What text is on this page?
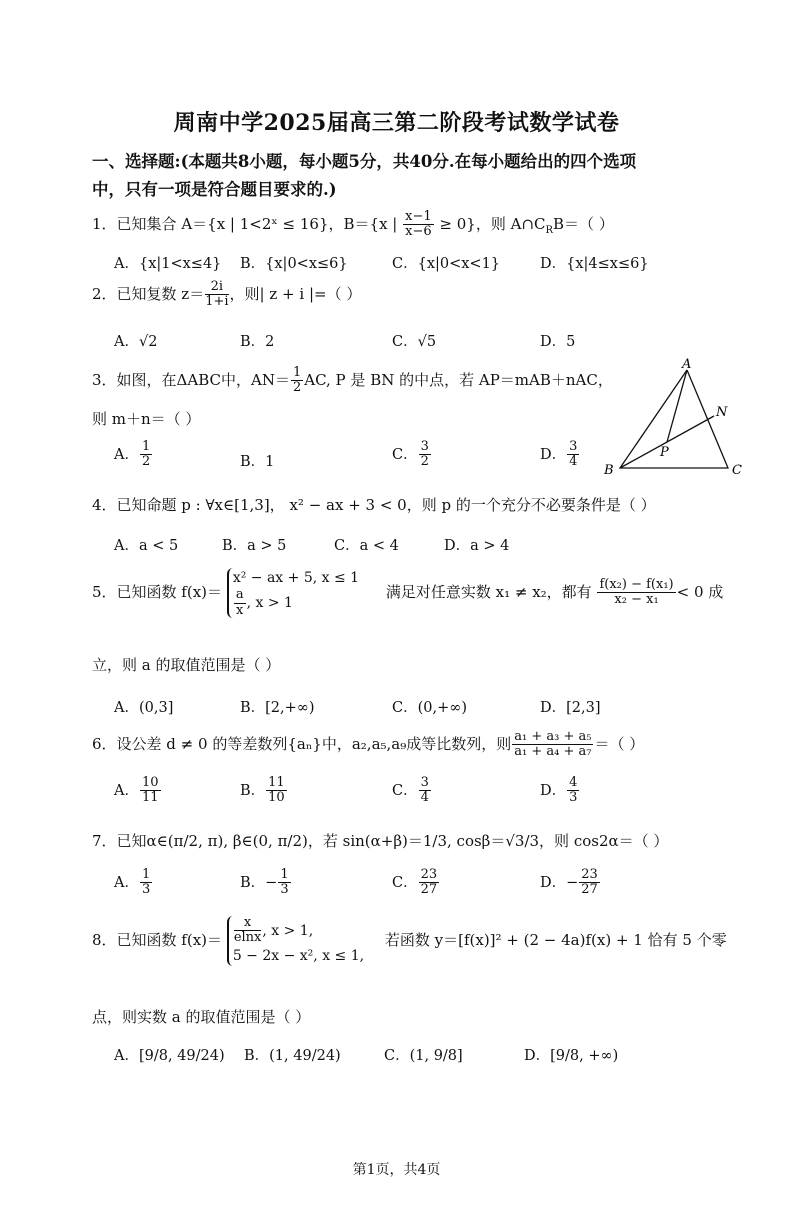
周南中学2025届高三第二阶段考试数学试卷
一、选择题:(本题共8小题，每小题5分，共40分.在每小题给出的四个选项
中，只有一项是符合题目要求的.)
1．已知集合 A＝{x | 1<2ˣ ≤ 16}，B＝{x | $\frac{x-1}{x-6} \ge 0$}，则 $A\cap C_RB=$（ ）
A．{x|1<x≤4} B．{x|0<x≤6}	C．{x|0<x<1}	D．{x|4≤x≤6}
2．已知复数 $z= \frac{2i}{1+i}$ ，则| z + i |=（ ）
A．√2	B．2	C．√5	D．5
3．如图，在ΔABC中，$AN= \frac{1}{2}$ AC, P 是 BN 的中点，若 AP＝mAB＋nAC，
则 m＋n＝（ ）
A． $\frac{1}{2}$	B．1	C． $\frac{3}{2}$	D． $\frac{3}{4}$
A
N
P
B	C
4．已知命题 p : ∀x∈[1,3]， x² − ax + 3 < 0，则 p 的一个充分不必要条件是（ ）
A．a < 5	B．a > 5	C．a < 4	D．a > 4
5．已知函数 f(x)＝
x² − ax + 5, x ≤ 1
$\frac{a}{x}$ , x > 1
满足对任意实数 x₁ ≠ x₂，都有 $\frac{\text{f(x₂) − f(x₁)}}{\text{x₂ − x₁}} < 0$ 成
立，则 a 的取值范围是（ ）
A．(0,3]	B．[2,+∞)	C．(0,+∞)	D．[2,3]
6．设公差 d ≠ 0 的等差数列{aₙ}中，a₂,a₅,a₉成等比数列，则 $\frac{\text{a₁ + a₃ + a₅}}{\text{a₁ + a₄ + a₇}}$ ＝（ ）
A． $\frac{10}{11}$	B． $\frac{11}{10}$	C． $\frac{3}{4}$	D． $\frac{4}{3}$
7．已知α∈(π/2, π), β∈(0, π/2)，若 sin(α+β)＝1/3, cosβ＝√3/3，则 cos2α＝（ ）
A． $\frac{1}{3}$	B．− $\frac{1}{3}$	C． $\frac{23}{27}$	D．− $\frac{23}{27}$
8．已知函数 $f(x)= \frac{x}{elnx}$ , x > 1,
5 − 2x − x², x ≤ 1,
若函数 y＝[f(x)]² + (2 − 4a)f(x) + 1 恰有 5 个零
点，则实数 a 的取值范围是（ ）
A．[9/8, 49/24) B．(1, 49/24)	C．(1, 9/8]	D．[9/8, +∞)
第1页，共4页
